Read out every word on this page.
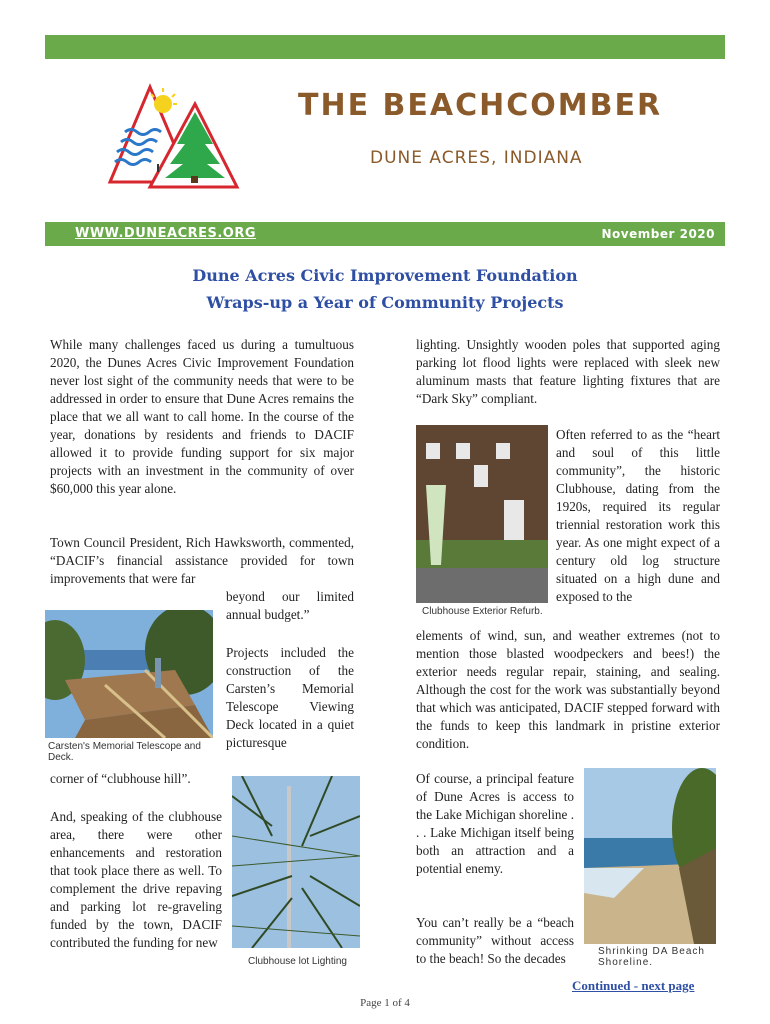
THE BEACHCOMBER
DUNE ACRES, INDIANA
WWW.DUNEACRES.ORG	November 2020
Dune Acres Civic Improvement Foundation
Wraps-up a Year of Community Projects
While many challenges faced us during a tumultuous 2020, the Dunes Acres Civic Improvement Foundation never lost sight of the community needs that were to be addressed in order to ensure that Dune Acres remains the place that we all want to call home. In the course of the year, donations by residents and friends to DACIF allowed it to provide funding support for six major projects with an investment in the community of over $60,000 this year alone.
Town Council President, Rich Hawksworth, commented, “DACIF’s financial assistance provided for town improvements that were far
beyond our limited annual budget.”
Carsten's Memorial Telescope and Deck.
Projects included the construction of the Carsten’s Memorial Telescope Viewing Deck located in a quiet picturesque
corner of “clubhouse hill”.
And, speaking of the clubhouse area, there were other enhancements and restoration that took place there as well. To complement the drive repaving and parking lot re-graveling funded by the town, DACIF contributed the funding for new
Clubhouse lot Lighting
lighting. Unsightly wooden poles that supported aging parking lot flood lights were replaced with sleek new aluminum masts that feature lighting fixtures that are “Dark Sky” compliant.
Clubhouse Exterior Refurb.
Often referred to as the “heart and soul of this little community”, the historic Clubhouse, dating from the 1920s, required its regular triennial restoration work this year. As one might expect of a century old log structure situated on a high dune and exposed to the
elements of wind, sun, and weather extremes (not to mention those blasted woodpeckers and bees!) the exterior needs regular repair, staining, and sealing. Although the cost for the work was substantially beyond that which was anticipated, DACIF stepped forward with the funds to keep this landmark in pristine exterior condition.
Of course, a principal feature of Dune Acres is access to the Lake Michigan shoreline . . . Lake Michigan itself being both an attraction and a potential enemy.
You can’t really be a “beach community” without access to the beach! So the decades	Shrinking DA Beach Shoreline.
Continued - next page
Page 1 of 4
